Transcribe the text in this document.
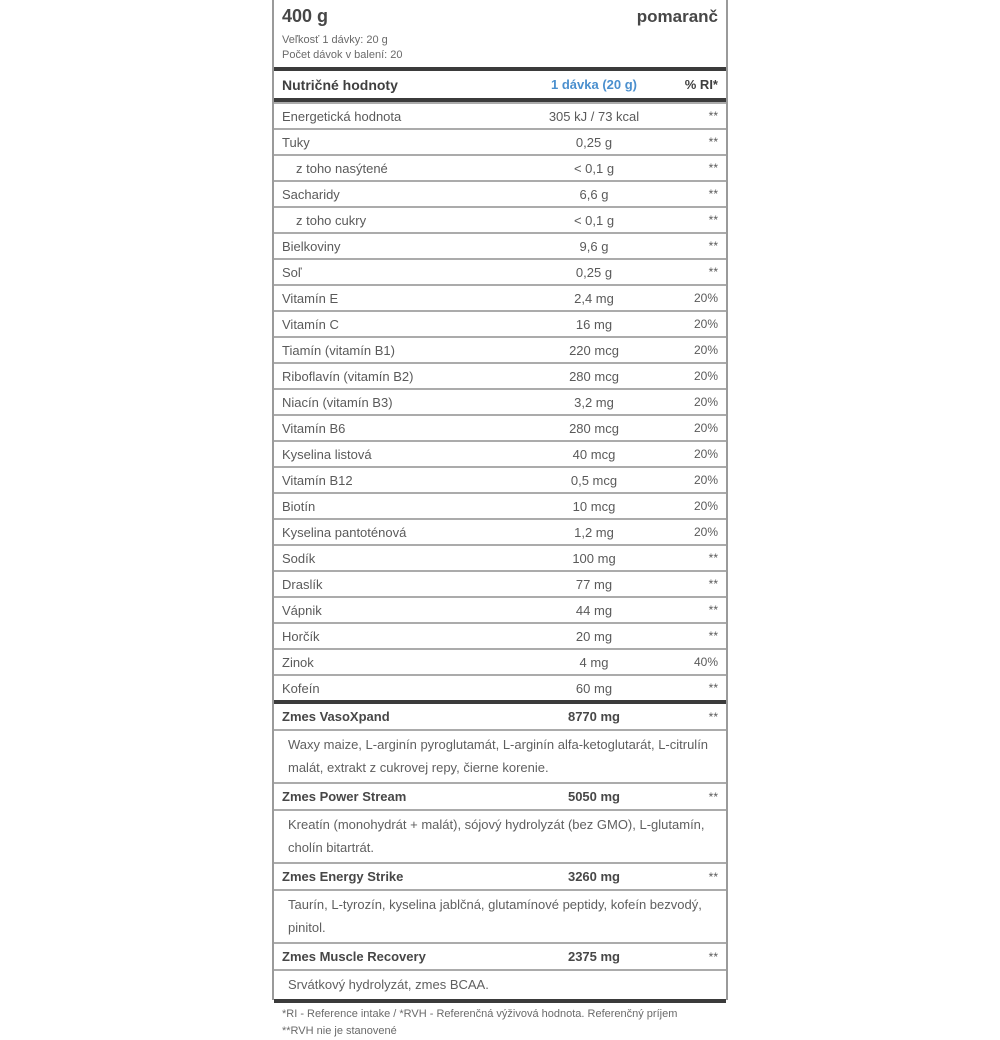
400 g	pomaranč
Veľkosť 1 dávky: 20 g
Počet dávok v balení: 20
Nutričné hodnoty	1 dávka (20 g)	% RI*
Energetická hodnota	305 kJ / 73 kcal	**
Tuky	0,25 g	**
z toho nasýtené	< 0,1 g	**
Sacharidy	6,6 g	**
z toho cukry	< 0,1 g	**
Bielkoviny	9,6 g	**
Soľ	0,25 g	**
Vitamín E	2,4 mg	20%
Vitamín C	16 mg	20%
Tiamín (vitamín B1)	220 mcg	20%
Riboflavín (vitamín B2)	280 mcg	20%
Niacín (vitamín B3)	3,2 mg	20%
Vitamín B6	280 mcg	20%
Kyselina listová	40 mcg	20%
Vitamín B12	0,5 mcg	20%
Biotín	10 mcg	20%
Kyselina pantoténová	1,2 mg	20%
Sodík	100 mg	**
Draslík	77 mg	**
Vápnik	44 mg	**
Horčík	20 mg	**
Zinok	4 mg	40%
Kofeín	60 mg	**
Zmes VasoXpand	8770 mg	**
Waxy maize, L-arginín pyroglutamát, L-arginín alfa-ketoglutarát, L-citrulín malát, extrakt z cukrovej repy, čierne korenie.
Zmes Power Stream	5050 mg	**
Kreatín (monohydrát + malát), sójový hydrolyzát (bez GMO), L-glutamín, cholín bitartrát.
Zmes Energy Strike	3260 mg	**
Taurín, L-tyrozín, kyselina jablčná, glutamínové peptidy, kofeín bezvodý, pinitol.
Zmes Muscle Recovery	2375 mg	**
Srvátkový hydrolyzát, zmes BCAA.
*RI - Reference intake / *RVH - Referenčná výživová hodnota. Referenčný príjem
**RVH nie je stanovené
